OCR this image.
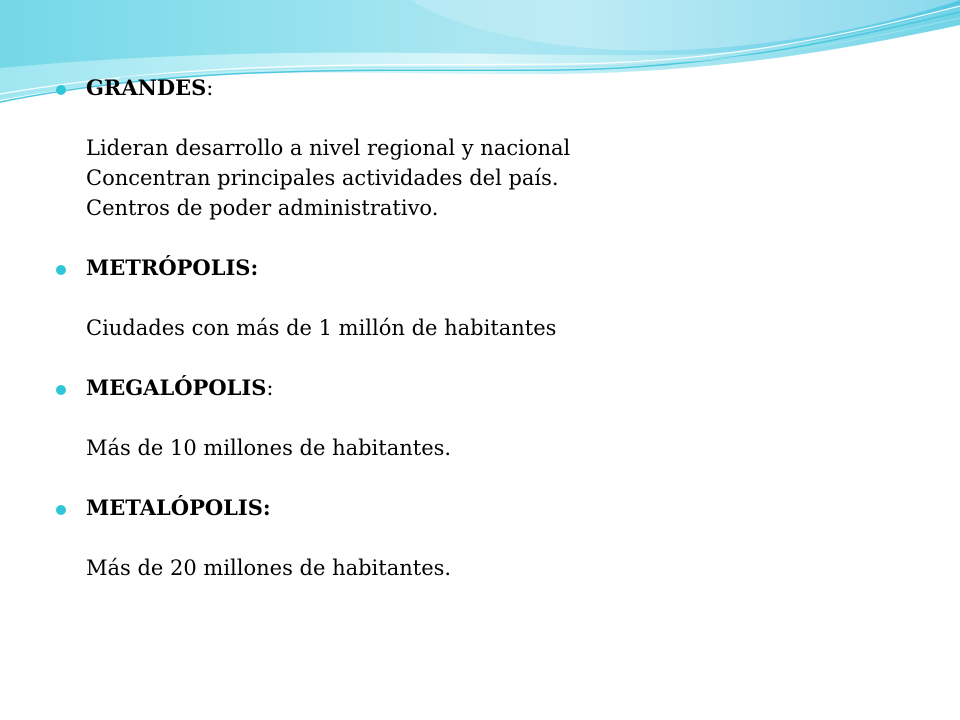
GRANDES:
Lideran desarrollo a nivel regional y nacional
Concentran principales actividades del país.
Centros de poder administrativo.
METRÓPOLIS:
Ciudades con más de 1 millón de habitantes
MEGALÓPOLIS:
Más de 10 millones de habitantes.
METALÓPOLIS:
Más de 20 millones de habitantes.
